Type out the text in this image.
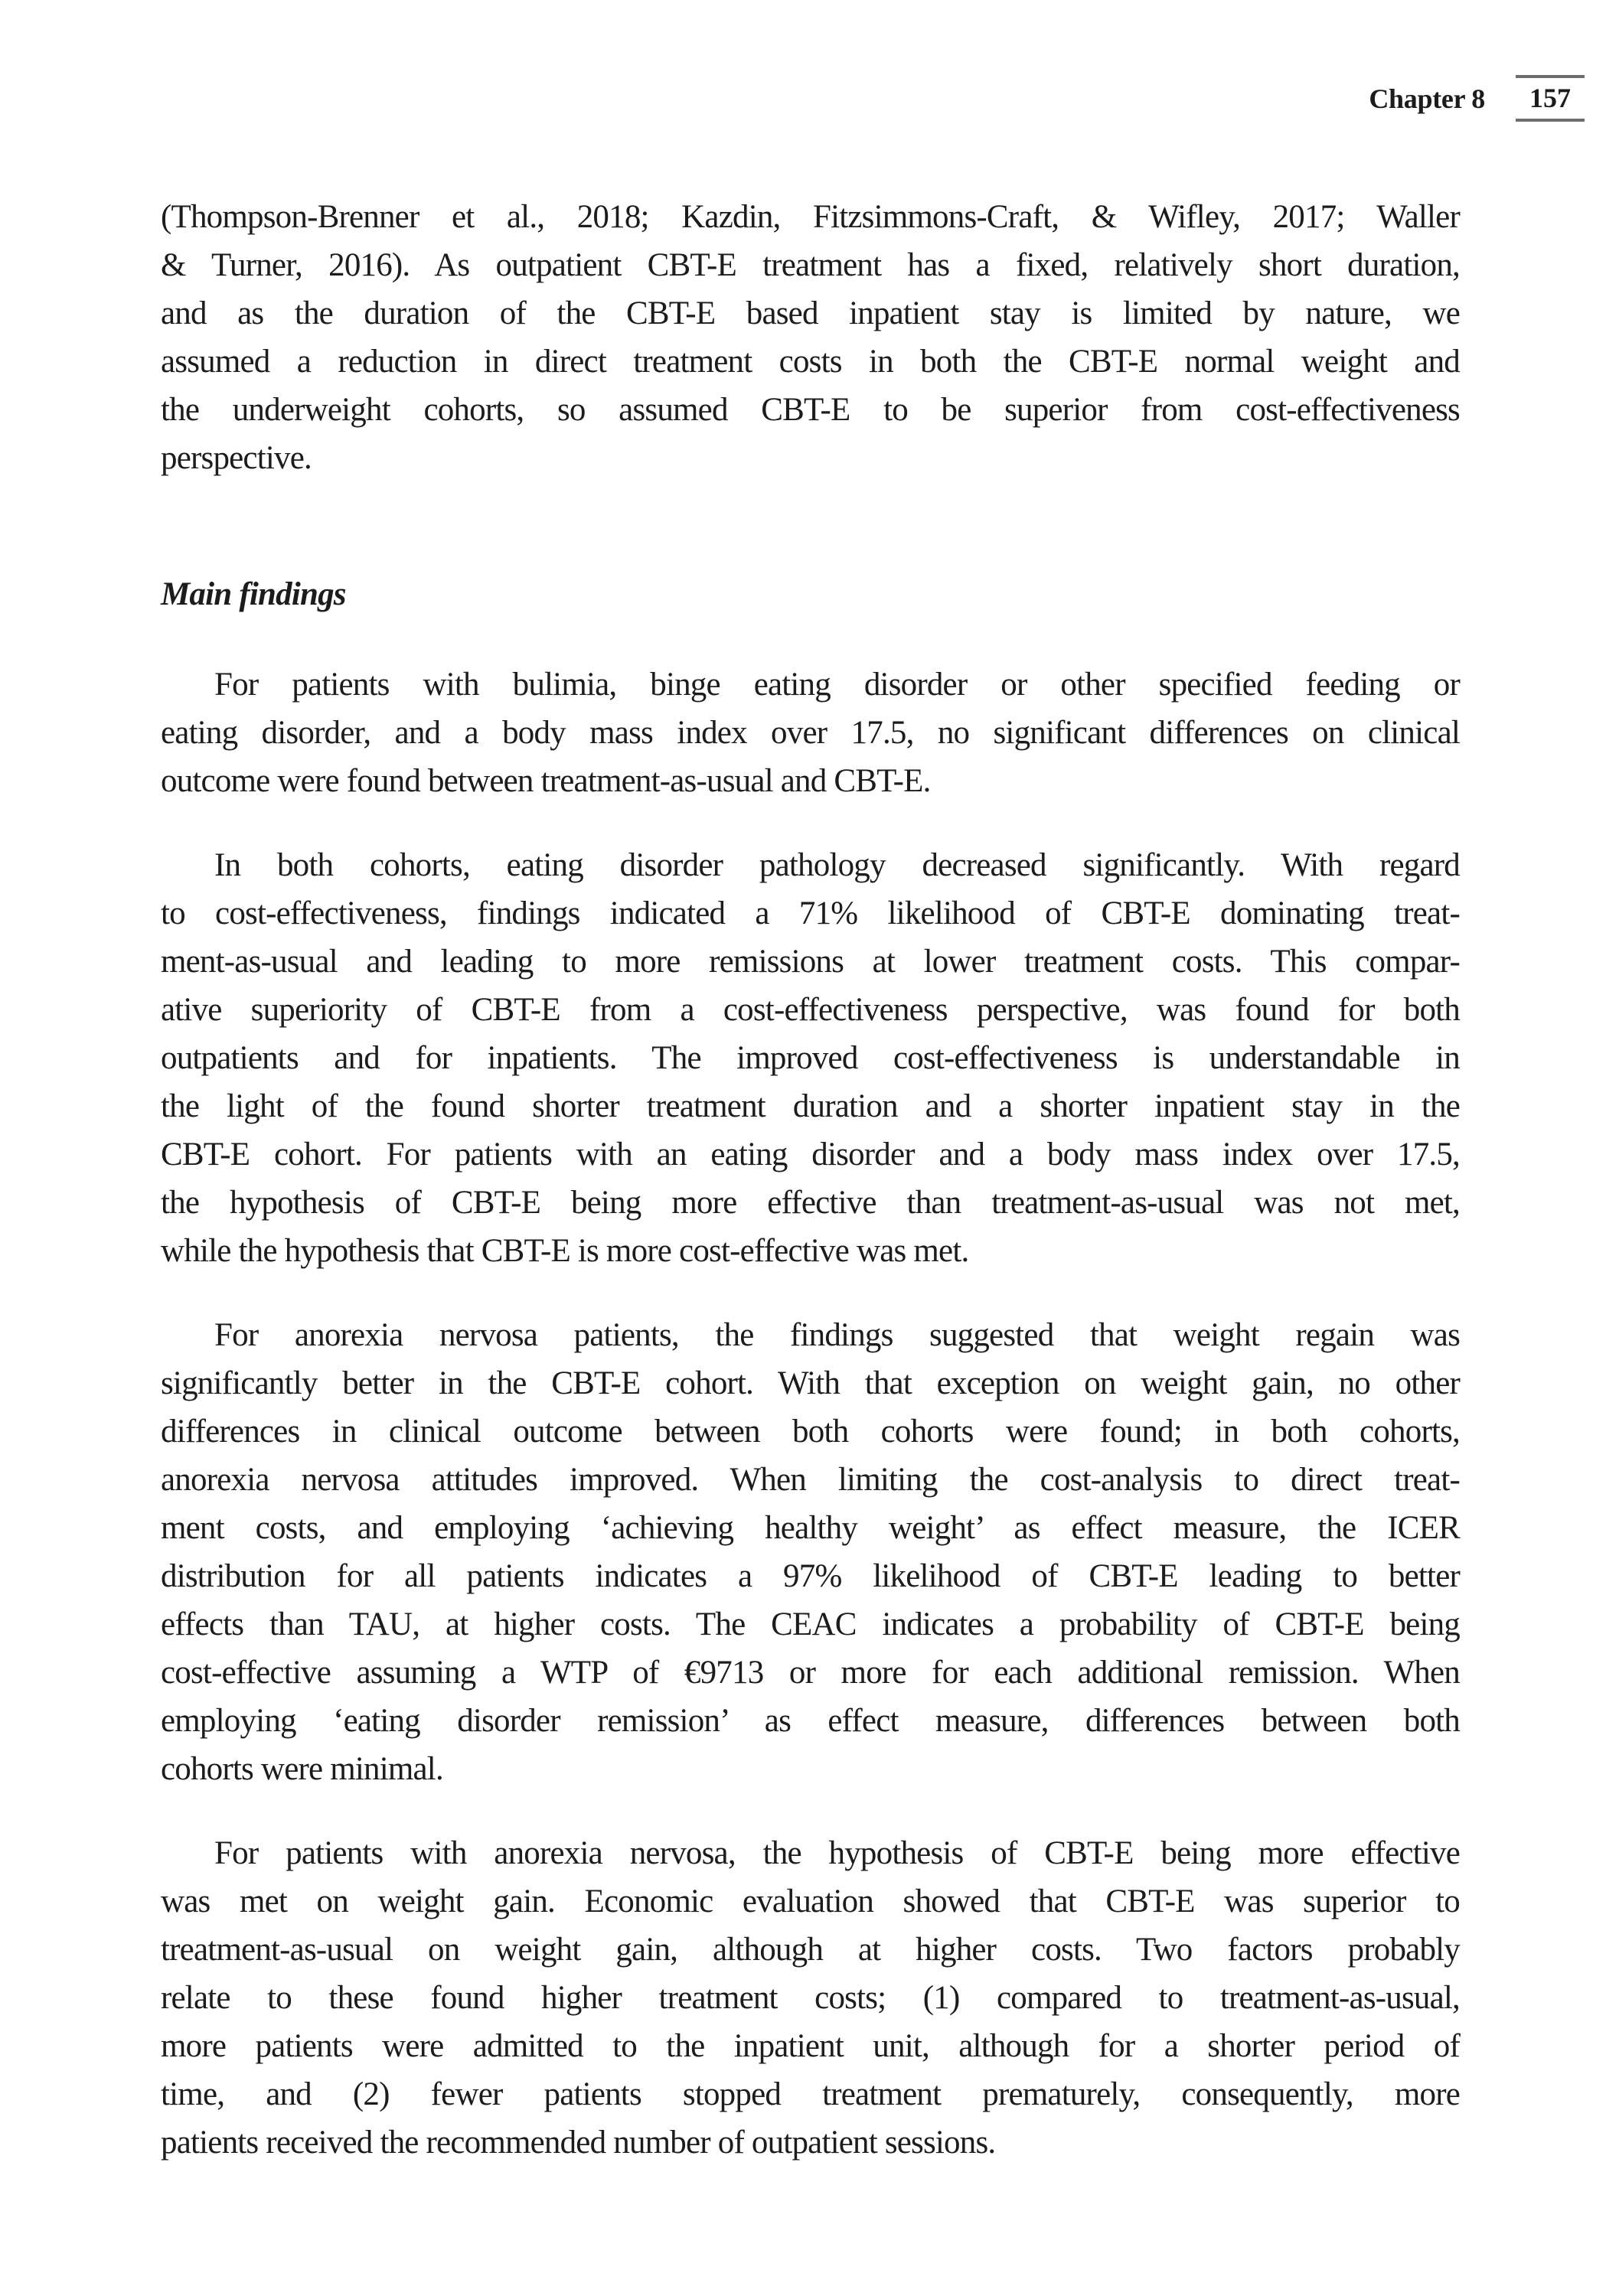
Chapter 8	157
(Thompson-Brenner et al., 2018; Kazdin, Fitzsimmons-Craft, & Wifley, 2017; Waller
& Turner, 2016). As outpatient CBT-E treatment has a fixed, relatively short duration,
and as the duration of the CBT-E based inpatient stay is limited by nature, we
assumed a reduction in direct treatment costs in both the CBT-E normal weight and
the underweight cohorts, so assumed CBT-E to be superior from cost-effectiveness
perspective.
Main findings
For patients with bulimia, binge eating disorder or other specified feeding or
eating disorder, and a body mass index over 17.5, no significant differences on clinical
outcome were found between treatment-as-usual and CBT-E.
In both cohorts, eating disorder pathology decreased significantly. With regard
to cost-effectiveness, findings indicated a 71% likelihood of CBT-E dominating treat-
ment-as-usual and leading to more remissions at lower treatment costs. This compar-
ative superiority of CBT-E from a cost-effectiveness perspective, was found for both
outpatients and for inpatients. The improved cost-effectiveness is understandable in
the light of the found shorter treatment duration and a shorter inpatient stay in the
CBT-E cohort. For patients with an eating disorder and a body mass index over 17.5,
the hypothesis of CBT-E being more effective than treatment-as-usual was not met,
while the hypothesis that CBT-E is more cost-effective was met.
For anorexia nervosa patients, the findings suggested that weight regain was
significantly better in the CBT-E cohort. With that exception on weight gain, no other
differences in clinical outcome between both cohorts were found; in both cohorts,
anorexia nervosa attitudes improved. When limiting the cost-analysis to direct treat-
ment costs, and employing ‘achieving healthy weight’ as effect measure, the ICER
distribution for all patients indicates a 97% likelihood of CBT-E leading to better
effects than TAU, at higher costs. The CEAC indicates a probability of CBT-E being
cost-effective assuming a WTP of €9713 or more for each additional remission. When
employing ‘eating disorder remission’ as effect measure, differences between both
cohorts were minimal.
For patients with anorexia nervosa, the hypothesis of CBT-E being more effective
was met on weight gain. Economic evaluation showed that CBT-E was superior to
treatment-as-usual on weight gain, although at higher costs. Two factors probably
relate to these found higher treatment costs; (1) compared to treatment-as-usual,
more patients were admitted to the inpatient unit, although for a shorter period of
time, and (2) fewer patients stopped treatment prematurely, consequently, more
patients received the recommended number of outpatient sessions.
